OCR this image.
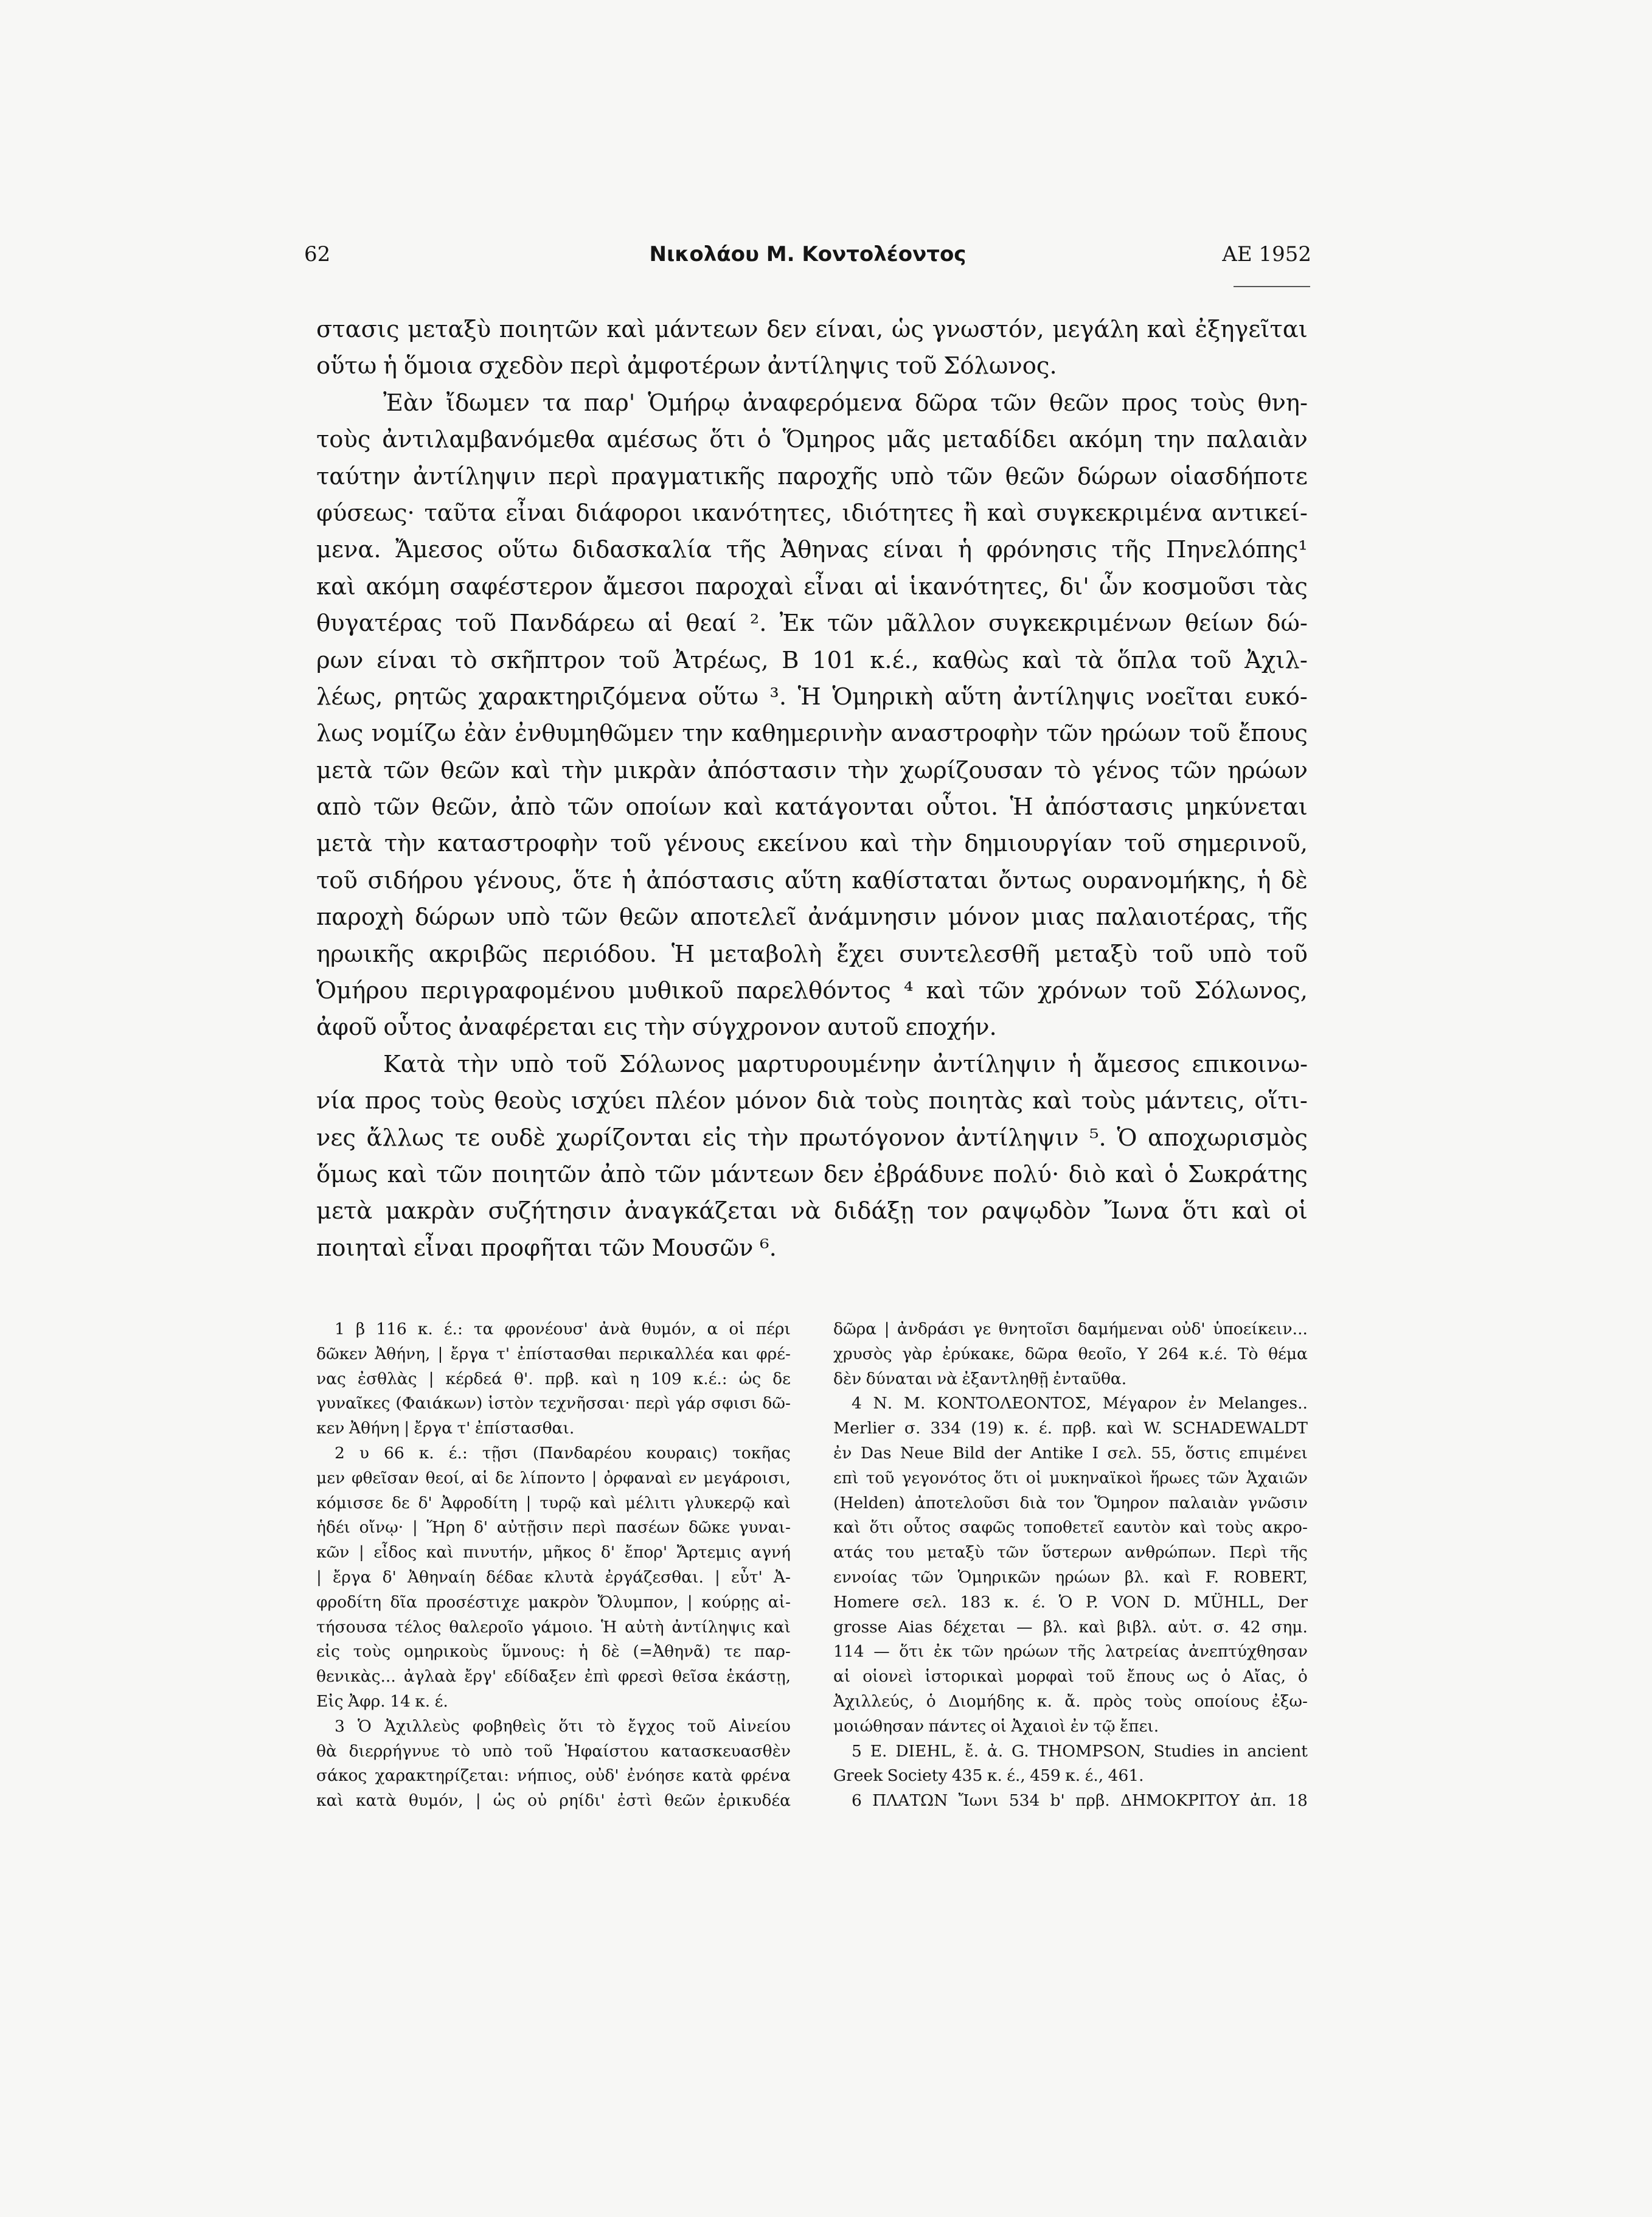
62	Νικολάου Μ. Κοντολέοντος	ΑΕ 1952
στασις μεταξὺ ποιητῶν καὶ μάντεων δεν είναι, ὡς γνωστόν, μεγάλη καὶ ἐξηγεῖται
οὕτω ἡ ὅμοια σχεδὸν περὶ ἀμφοτέρων ἀντίληψις τοῦ Σόλωνος.
Ἐὰν ἴδωμεν τα παρ' Ὁμήρῳ ἀναφερόμενα δῶρα τῶν θεῶν προς τοὺς θνη-
τοὺς ἀντιλαμβανόμεθα αμέσως ὅτι ὁ Ὅμηρος μᾶς μεταδίδει ακόμη την παλαιὰν
ταύτην ἀντίληψιν περὶ πραγματικῆς παροχῆς υπὸ τῶν θεῶν δώρων οἱασδήποτε
φύσεως· ταῦτα εἶναι διάφοροι ικανότητες, ιδιότητες ἢ καὶ συγκεκριμένα αντικεί-
μενα. Ἄμεσος οὕτω διδασκαλία τῆς Ἀθηνας είναι ἡ φρόνησις τῆς Πηνελόπης¹
καὶ ακόμη σαφέστερον ἄμεσοι παροχαὶ εἶναι αἱ ἱκανότητες, δι' ὧν κοσμοῦσι τὰς
θυγατέρας τοῦ Πανδάρεω αἱ θεαί ². Ἐκ τῶν μᾶλλον συγκεκριμένων θείων δώ-
ρων είναι τὸ σκῆπτρον τοῦ Ἀτρέως, Β 101 κ.έ., καθὼς καὶ τὰ ὅπλα τοῦ Ἀχιλ-
λέως, ρητῶς χαρακτηριζόμενα οὕτω ³. Ἡ Ὁμηρικὴ αὕτη ἀντίληψις νοεῖται ευκό-
λως νομίζω ἐὰν ἐνθυμηθῶμεν την καθημερινὴν αναστροφὴν τῶν ηρώων τοῦ ἔπους
μετὰ τῶν θεῶν καὶ τὴν μικρὰν ἀπόστασιν τὴν χωρίζουσαν τὸ γένος τῶν ηρώων
απὸ τῶν θεῶν, ἀπὸ τῶν οποίων καὶ κατάγονται οὗτοι. Ἡ ἀπόστασις μηκύνεται
μετὰ τὴν καταστροφὴν τοῦ γένους εκείνου καὶ τὴν δημιουργίαν τοῦ σημερινοῦ,
τοῦ σιδήρου γένους, ὅτε ἡ ἀπόστασις αὕτη καθίσταται ὄντως ουρανομήκης, ἡ δὲ
παροχὴ δώρων υπὸ τῶν θεῶν αποτελεῖ ἀνάμνησιν μόνον μιας παλαιοτέρας, τῆς
ηρωικῆς ακριβῶς περιόδου. Ἡ μεταβολὴ ἔχει συντελεσθῆ μεταξὺ τοῦ υπὸ τοῦ
Ὁμήρου περιγραφομένου μυθικοῦ παρελθόντος ⁴ καὶ τῶν χρόνων τοῦ Σόλωνος,
ἀφοῦ οὗτος ἀναφέρεται εις τὴν σύγχρονον αυτοῦ εποχήν.
Κατὰ τὴν υπὸ τοῦ Σόλωνος μαρτυρουμένην ἀντίληψιν ἡ ἄμεσος επικοινω-
νία προς τοὺς θεοὺς ισχύει πλέον μόνον διὰ τοὺς ποιητὰς καὶ τοὺς μάντεις, οἵτι-
νες ἄλλως τε ουδὲ χωρίζονται εἰς τὴν πρωτόγονον ἀντίληψιν ⁵. Ὁ αποχωρισμὸς
ὅμως καὶ τῶν ποιητῶν ἀπὸ τῶν μάντεων δεν ἐβράδυνε πολύ· διὸ καὶ ὁ Σωκράτης
μετὰ μακρὰν συζήτησιν ἀναγκάζεται νὰ διδάξῃ τον ραψῳδὸν Ἴωνα ὅτι καὶ οἱ
ποιηταὶ εἶναι προφῆται τῶν Μουσῶν ⁶.
1 β 116 κ. έ.: τα φρονέουσ' ἀνὰ θυμόν, α οἱ πέρι
δῶκεν Ἀθήνη, | ἔργα τ' ἐπίστασθαι περικαλλέα και φρέ-
νας ἐσθλὰς | κέρδεά θ'. πρβ. καὶ η 109 κ.έ.: ὡς δε
γυναῖκες (Φαιάκων) ἱστὸν τεχνῆσσαι· περὶ γάρ σφισι δῶ-
κεν Ἀθήνη | ἔργα τ' ἐπίστασθαι.
2 υ 66 κ. έ.: τῇσι (Πανδαρέου κουραις) τοκῆας
μεν φθεῖσαν θεοί, αἱ δε λίποντο | ὀρφαναὶ εν μεγάροισι,
κόμισσε δε δ' Ἀφροδίτη | τυρῷ καὶ μέλιτι γλυκερῷ καὶ
ἡδέι οἴνῳ· | Ἥρη δ' αὐτῇσιν περὶ πασέων δῶκε γυναι-
κῶν | εἶδος καὶ πινυτήν, μῆκος δ' ἔπορ' Ἄρτεμις αγνή
| ἔργα δ' Ἀθηναίη δέδαε κλυτὰ ἐργάζεσθαι. | εὖτ' Ἀ-
φροδίτη δῖα προσέστιχε μακρὸν Ὄλυμπον, | κούρῃς αἰ-
τήσουσα τέλος θαλεροῖο γάμοιο. Ἡ αὐτὴ ἀντίληψις καὶ
εἰς τοὺς ομηρικοὺς ὕμνους: ἡ δὲ (=Ἀθηνᾶ) τε παρ-
θενικὰς... ἀγλαὰ ἔργ' εδίδαξεν ἐπὶ φρεσὶ θεῖσα ἑκάστῃ,
Εἰς Ἀφρ. 14 κ. έ.
3 Ὁ Ἀχιλλεὺς φοβηθεὶς ὅτι τὸ ἔγχος τοῦ Αἰνείου
θὰ διερρήγνυε τὸ υπὸ τοῦ Ἡφαίστου κατασκευασθὲν
σάκος χαρακτηρίζεται: νήπιος, οὐδ' ἐνόησε κατὰ φρένα
καὶ κατὰ θυμόν, | ὡς οὐ ρηίδι' ἐστὶ θεῶν ἐρικυδέα
δῶρα | ἀνδράσι γε θνητοῖσι δαμήμεναι οὐδ' ὑποείκειν...
χρυσὸς γὰρ ἐρύκακε, δῶρα θεοῖο, Υ 264 κ.έ. Τὸ θέμα
δὲν δύναται νὰ ἐξαντληθῇ ἐνταῦθα.
4 Ν. Μ. ΚΟΝΤΟΛΕΟΝΤΟΣ, Μέγαρον ἐν Melanges..
Merlier σ. 334 (19) κ. έ. πρβ. καὶ W. SCHADEWALDT
ἐν Das Neue Bild der Antike I σελ. 55, ὅστις επιμένει
επὶ τοῦ γεγονότος ὅτι οἱ μυκηναϊκοὶ ἥρωες τῶν Ἀχαιῶν
(Helden) ἀποτελοῦσι διὰ τον Ὅμηρον παλαιὰν γνῶσιν
καὶ ὅτι οὗτος σαφῶς τοποθετεῖ εαυτὸν καὶ τοὺς ακρο-
ατάς του μεταξὺ τῶν ὕστερων ανθρώπων. Περὶ τῆς
εννοίας τῶν Ὁμηρικῶν ηρώων βλ. καὶ F. ROBERT,
Homere σελ. 183 κ. έ. Ὁ P. VON D. MÜHLL, Der
grosse Aias δέχεται — βλ. καὶ βιβλ. αὐτ. σ. 42 σημ.
114 — ὅτι ἐκ τῶν ηρώων τῆς λατρείας ἀνεπτύχθησαν
αἱ οἱονεὶ ἱστορικαὶ μορφαὶ τοῦ ἔπους ως ὁ Αἴας, ὁ
Ἀχιλλεύς, ὁ Διομήδης κ. ἄ. πρὸς τοὺς οποίους ἐξω-
μοιώθησαν πάντες οἱ Ἀχαιοὶ ἐν τῷ ἔπει.
5 E. DIEHL, ἔ. ἀ. G. THOMPSON, Studies in ancient
Greek Society 435 κ. έ., 459 κ. έ., 461.
6 ΠΛΑΤΩΝ Ἴωνι 534 b' πρβ. ΔΗΜΟΚΡΙΤΟΥ ἀπ. 18
